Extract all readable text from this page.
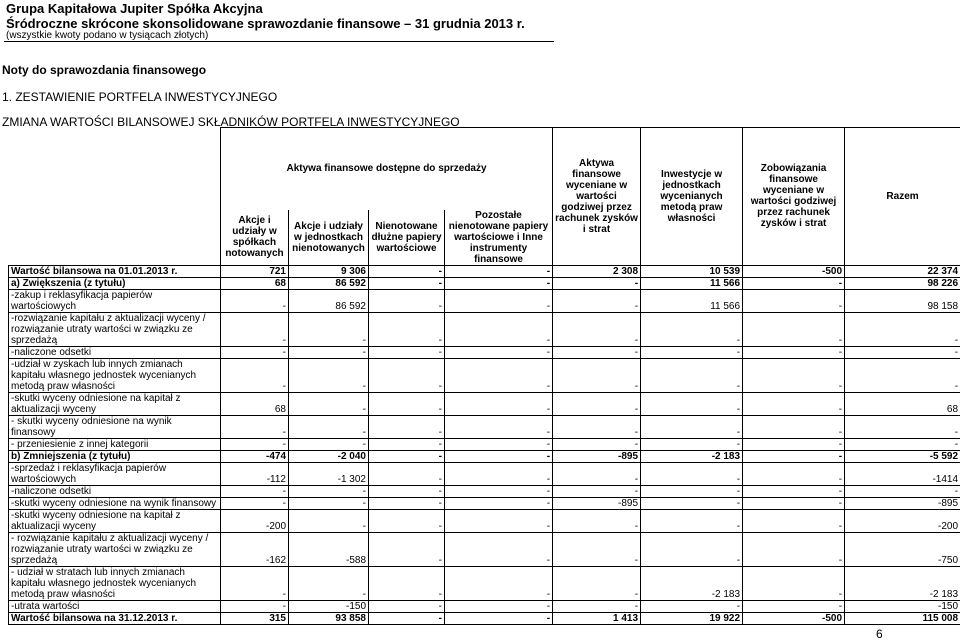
Grupa Kapitałowa Jupiter Spółka Akcyjna
Śródroczne skrócone skonsolidowane sprawozdanie finansowe – 31 grudnia 2013 r.
(wszystkie kwoty podano w tysiącach złotych)
Noty do sprawozdania finansowego
1. ZESTAWIENIE PORTFELA INWESTYCYJNEGO
ZMIANA WARTOŚCI BILANSOWEJ SKŁADNIKÓW PORTFELA INWESTYCYJNEGO
	Aktywa finansowe dostępne do sprzedaży				Aktywa finansowe wyceniane w wartości godziwej przez rachunek zysków i strat	Inwestycje w jednostkach wycenianych metodą praw własności	Zobowiązania finansowe wyceniane w wartości godziwej przez rachunek zysków i strat	Razem
	Akcje i udziały w spółkach notowanych	Akcje i udziały w jednostkach nienotowanych	Nienotowane dłużne papiery wartościowe	Pozostałe nienotowane papiery wartościowe i Inne instrumenty finansowe				
Wartość bilansowa na 01.01.2013 r.	721	9 306	-	-	2 308	10 539	-500	22 374
a) Zwiększenia (z tytułu)	68	86 592	-	-	-	11 566	-	98 226
-zakup i reklasyfikacja papierów wartościowych	-	86 592	-	-	-	11 566	-	98 158
-rozwiązanie kapitału z aktualizacji wyceny / rozwiązanie utraty wartości w związku ze sprzedażą	-	-	-	-	-	-	-	-
-naliczone odsetki	-	-	-	-	-	-	-	-
-udział w zyskach lub innych zmianach kapitału własnego jednostek wycenianych metodą praw własności	-	-	-	-	-	-	-	-
-skutki wyceny odniesione na kapitał z aktualizacji wyceny	68	-	-	-	-	-	-	68
- skutki wyceny odniesione na wynik finansowy	-	-	-	-	-	-	-	-
- przeniesienie z innej kategorii	-	-	-	-	-	-	-	-
b) Zmniejszenia (z tytułu)	-474	-2 040	-	-	-895	-2 183	-	-5 592
-sprzedaż i reklasyfikacja papierów wartościowych	-112	-1 302	-	-	-	-	-	-1414
-naliczone odsetki	-	-	-	-	-	-	-	-
-skutki wyceny odniesione na wynik finansowy	-	-	-	-	-895	-	-	-895
-skutki wyceny odniesione na kapitał z aktualizacji wyceny	-200	-	-	-	-	-	-	-200
- rozwiązanie kapitału z aktualizacji wyceny / rozwiązanie utraty wartości w związku ze sprzedażą	-162	-588	-	-	-	-	-	-750
- udział w stratach lub innych zmianach kapitału własnego jednostek wycenianych metodą praw własności	-	-	-	-	-	-2 183	-	-2 183
-utrata wartości	-	-150	-	-	-	-	-	-150
Wartość bilansowa na 31.12.2013 r.	315	93 858	-	-	1 413	19 922	-500	115 008
6
